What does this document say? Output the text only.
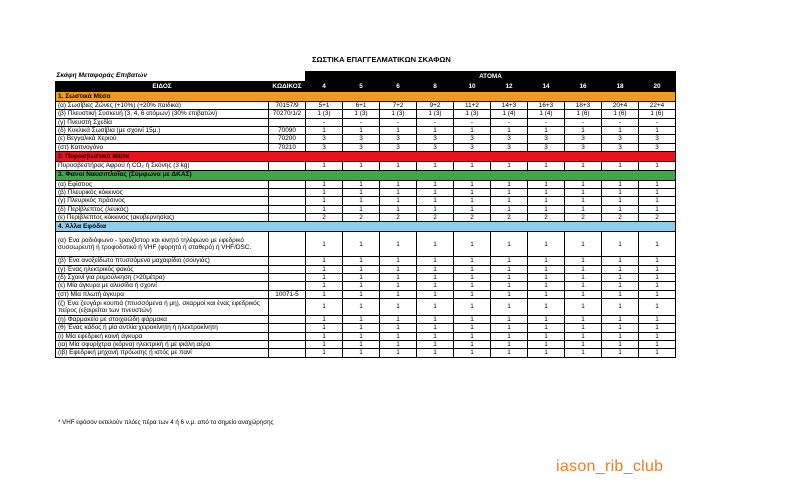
ΣΩΣΤΙΚΑ ΕΠΑΓΓΕΛΜΑΤΙΚΩΝ ΣΚΑΦΩΝ
Σκάφη Μεταφοράς Επιβατών		ΑΤΟΜΑ									
ΕΙΔΟΣ	ΚΩΔΙΚΟΣ	4	5	6	8	10	12	14	16	18	20
1. Σωστικά Μέσα											
(α) Σωσίβιες Ζώνες (+10%) (+20% παιδικά)	70157/9	5+1	6+1	7+2	9+2	11+2	14+3	16+3	18+3	20+4	22+4
(β) Πλευστική Συσκευή (3, 4, 6 ατόμων) (30% επιβατών)	70270/1/2	1 (3)	1 (3)	1 (3)	1 (3)	1 (3)	1 (4)	1 (4)	1 (6)	1 (6)	1 (6)
(γ) Πνευστή Σχεδία		-	-	-	-	-	-	-	-	-	-
(δ) Κυκλικά Σωσίβια (με σχοινί 15μ.)	70090	1	1	1	1	1	1	1	1	1	1
(ε) Βεγγαλικά Χεριού	70200	3	3	3	3	3	3	3	3	3	3
(στ) Καπνογόνο	70210	3	3	3	3	3	3	3	3	3	3
2. Πυροσβεστικά Μέσα											
Πυροσβεστήρας Αφρού ή CO₂ ή Σκόνης (3 kg)		1	1	1	1	1	1	1	1	1	1
3. Φανοί Ναυσιπλοΐας (Σύμφωνα με ΔΚΑΣ)											
(α) Εφίστιος		1	1	1	1	1	1	1	1	1	1
(β) Πλευρικός κόκκινος		1	1	1	1	1	1	1	1	1	1
(γ) Πλευρικός πράσινος		1	1	1	1	1	1	1	1	1	1
(δ) Περίβλεπτος (λευκός)		1	1	1	1	1	1	1	1	1	1
(ε) Περίβλεπτος κόκκινος (ακυβερνησίας)		2	2	2	2	2	2	2	2	2	2
4. Άλλα Εφόδια											
(α) Ένα ραδιόφωνο - τρανζίστορ και κινητό τηλέφωνο με εφεδρικό συσσωρευτή ή τροφοδοτικό ή VHF (φορητό ή σταθερό) ή VHF/DSC.		1	1	1	1	1	1	1	1	1	1
(β) Ένα ανοξείδωτο πτυσσόμενο μαχαιρίδιο (σουγιάς)		1	1	1	1	1	1	1	1	1	1
(γ) Ένας ηλεκτρικός φακός		1	1	1	1	1	1	1	1	1	1
(δ) Σχοινί για ρυμούλκηση (>20μέτρα)		1	1	1	1	1	1	1	1	1	1
(ε) Μία άγκυρα με αλυσίδα ή σχοινί		1	1	1	1	1	1	1	1	1	1
(στ) Μία πλωτή άγκυρα	10071-5	1	1	1	1	1	1	1	1	1	1
(ζ) Ένα ζευγάρι κουπιά (πτυσσόμενα ή μη), σκαρμοί και ένας εφεδρικός πείρος (εξαιρείται των πνευστών)		1	1	1	1	1	1	1	1	1	1
(η) Φαρμακείο με στοιχειώδη φάρμακα		1	1	1	1	1	1	1	1	1	1
(θ) Ένας κάδος ή μία αντλία χειροκίνητη ή ηλεκτροκίνητη		1	1	1	1	1	1	1	1	1	1
(ι) Μία εφεδρική κοινή άγκυρα		1	1	1	1	1	1	1	1	1	1
(ια) Μία σφυρίχτρα (κόρνα) ηλεκτρική ή με φιάλη αέρα		1	1	1	1	1	1	1	1	1	1
(ιβ) Εφεδρική μηχανή πρόωσης ή ιστός με πανί		1	1	1	1	1	1	1	1	1	1
* VHF εφόσον εκτελούν πλόες πέρα των 4 ή 6 ν.μ. από το σημείο αναχώρησης
iason_rib_club
